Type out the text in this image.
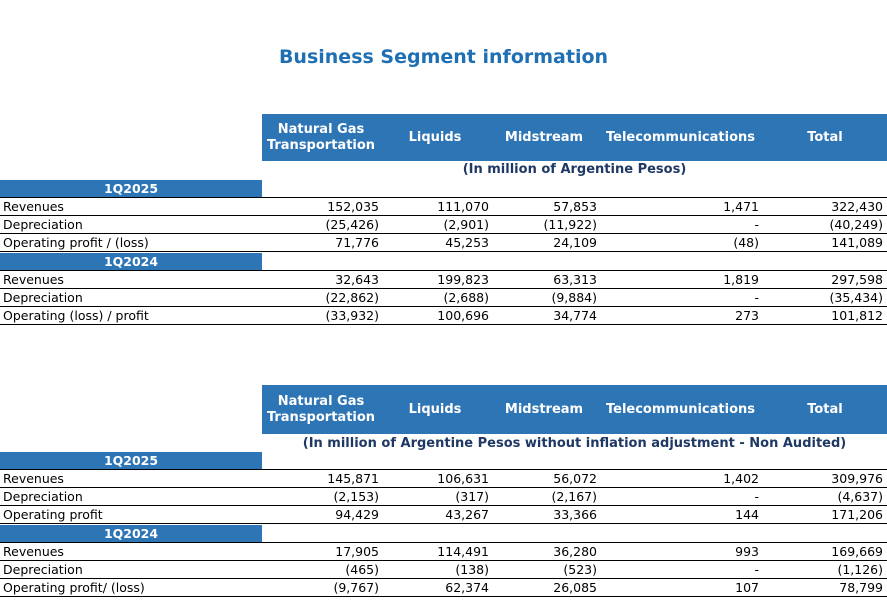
Business Segment information
Natural Gas Transportation
Liquids	Midstream	Telecommunications	Total
(In million of Argentine Pesos)
1Q2025
Revenues	152,035	111,070	57,853	1,471	322,430
Depreciation	(25,426)	(2,901)	(11,922)	-	(40,249)
Operating profit / (loss)	71,776	45,253	24,109	(48)	141,089
1Q2024
Revenues	32,643	199,823	63,313	1,819	297,598
Depreciation	(22,862)	(2,688)	(9,884)	-	(35,434)
Operating (loss) / profit	(33,932)	100,696	34,774	273	101,812
Natural Gas Transportation
Liquids	Midstream	Telecommunications	Total
(In million of Argentine Pesos without inflation adjustment - Non Audited)
1Q2025
Revenues	145,871	106,631	56,072	1,402	309,976
Depreciation	(2,153)	(317)	(2,167)	-	(4,637)
Operating profit	94,429	43,267	33,366	144	171,206
1Q2024
Revenues	17,905	114,491	36,280	993	169,669
Depreciation	(465)	(138)	(523)	-	(1,126)
Operating profit/ (loss)	(9,767)	62,374	26,085	107	78,799
